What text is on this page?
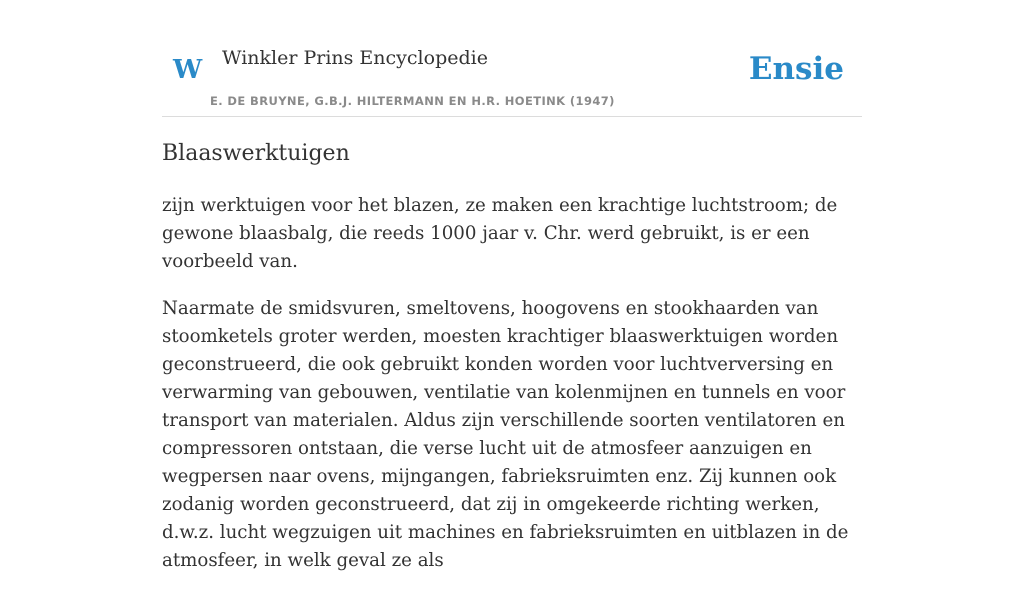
W Winkler Prins Encyclopedie
E. DE BRUYNE, G.B.J. HILTERMANN EN H.R. HOETINK (1947)
Ensie
Blaaswerktuigen

zijn werktuigen voor het blazen, ze maken een krachtige luchtstroom; de gewone blaasbalg, die reeds 1000 jaar v. Chr. werd gebruikt, is er een voorbeeld van.

Naarmate de smidsvuren, smeltovens, hoogovens en stookhaarden van stoomketels groter werden, moesten krachtiger blaaswerktuigen worden geconstrueerd, die ook gebruikt konden worden voor luchtverversing en verwarming van gebouwen, ventilatie van kolenmijnen en tunnels en voor transport van materialen. Aldus zijn verschillende soorten ventilatoren en compressoren ontstaan, die verse lucht uit de atmosfeer aanzuigen en wegpersen naar ovens, mijngangen, fabrieksruimten enz. Zij kunnen ook zodanig worden geconstrueerd, dat zij in omgekeerde richting werken, d.w.z. lucht wegzuigen uit machines en fabrieksruimten en uitblazen in de atmosfeer, in welk geval ze als
